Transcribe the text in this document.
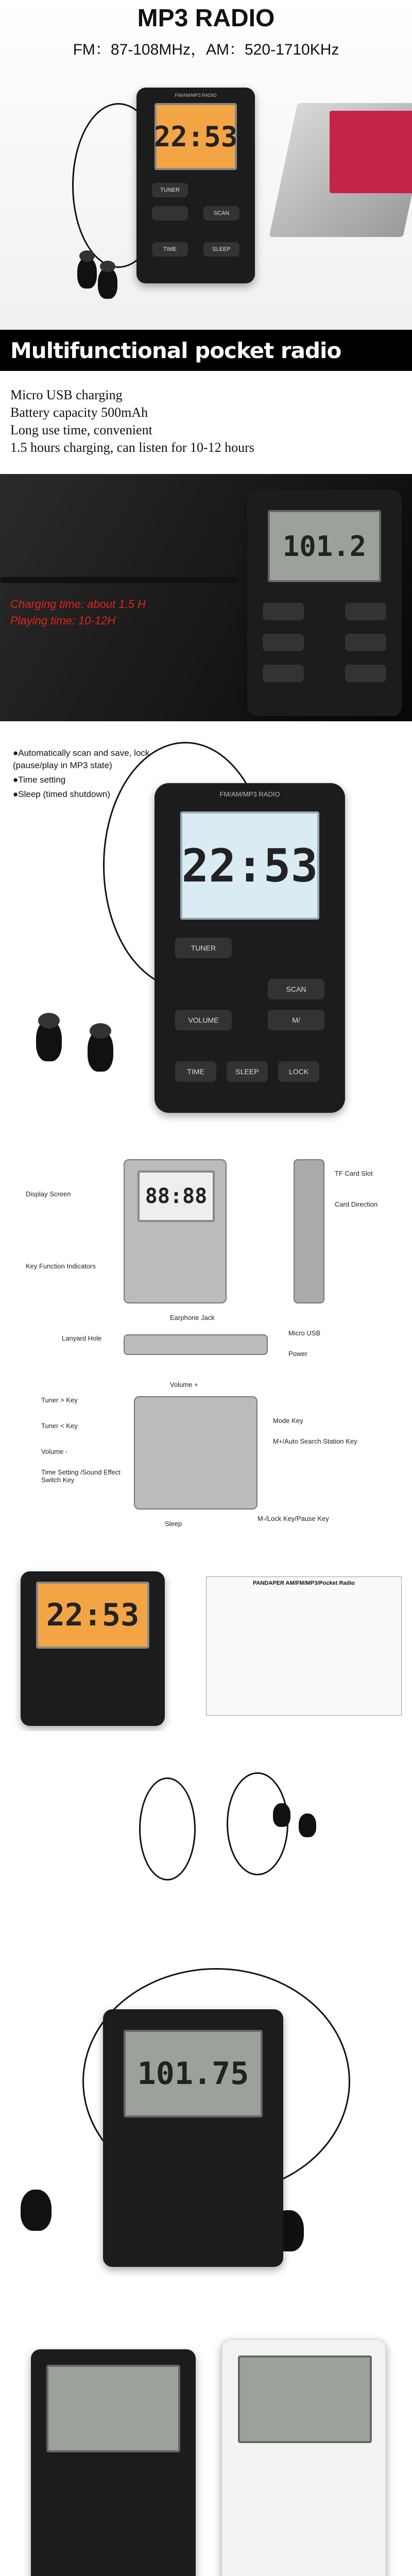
MP3 RADIO
FM：87-108MHz，AM：520-1710KHz
FM/AM/MP3 RADIO
22:53
TUNER
SCAN
TIME	SLEEP
Multifunctional pocket radio
Micro USB charging
Battery capacity 500mAh
Long use time, convenient
1.5 hours charging, can listen for 10-12 hours
Charging time: about 1.5 H
Playing time: 10-12H
101.2
●Automatically scan and save, lock (pause/play in MP3 state)
●Time setting
●Sleep (timed shutdown)	FM/AM/MP3 RADIO
22:53
TUNER
SCAN
VOLUME	M/
TIME	SLEEP	LOCK
88:88
Display Screen
Key Function Indicators
TF Card Slot
Card Direction
Earphone Jack
Lanyard Hole
Micro USB
Power
Tuner > Key
Tuner < Key
Volume -
Time Setting /Sound Effect Switch Key
Mode Key
M+/Auto Search Station Key
Volume +
M-/Lock Key/Pause Key
Sleep
22:53
PANDAPER AM/FM/MP3/Pocket Radio
101.75
